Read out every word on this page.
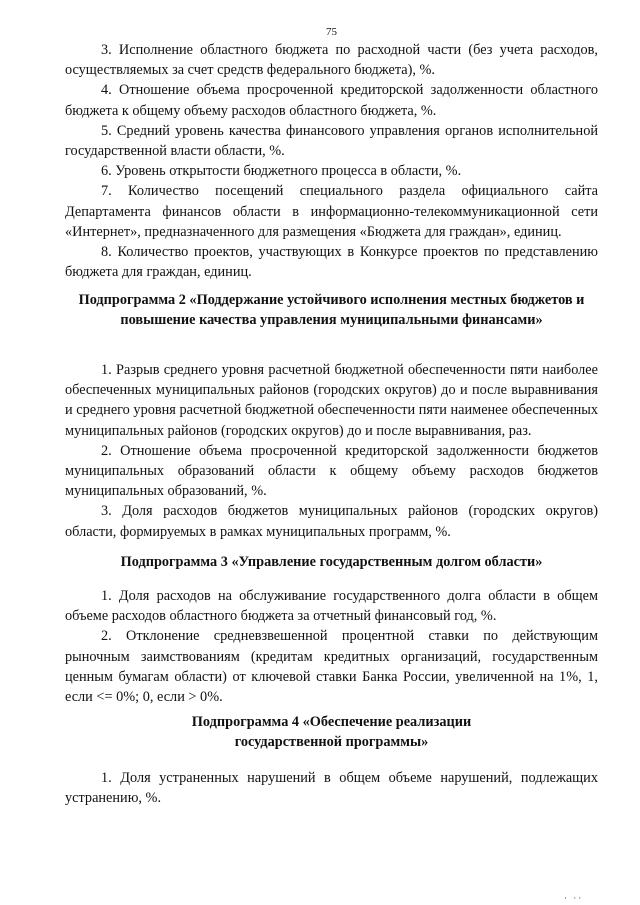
75

3. Исполнение областного бюджета по расходной части (без учета расходов, осуществляемых за счет средств федерального бюджета), %.

4. Отношение объема просроченной кредиторской задолженности областного бюджета к общему объему расходов областного бюджета, %.

5. Средний уровень качества финансового управления органов исполнительной государственной власти области, %.

6. Уровень открытости бюджетного процесса в области, %.

7. Количество посещений специального раздела официального сайта Департамента финансов области в информационно-телекоммуникационной сети «Интернет», предназначенного для размещения «Бюджета для граждан», единиц.

8. Количество проектов, участвующих в Конкурсе проектов по представлению бюджета для граждан, единиц.

Подпрограмма 2 «Поддержание устойчивого исполнения местных бюджетов и повышение качества управления муниципальными финансами»

1. Разрыв среднего уровня расчетной бюджетной обеспеченности пяти наиболее обеспеченных муниципальных районов (городских округов) до и после выравнивания и среднего уровня расчетной бюджетной обеспеченности пяти наименее обеспеченных муниципальных районов (городских округов) до и после выравнивания, раз.

2. Отношение объема просроченной кредиторской задолженности бюджетов муниципальных образований области к общему объему расходов бюджетов муниципальных образований, %.

3. Доля расходов бюджетов муниципальных районов (городских округов) области, формируемых в рамках муниципальных программ, %.

Подпрограмма 3 «Управление государственным долгом области»

1. Доля расходов на обслуживание государственного долга области в общем объеме расходов областного бюджета за отчетный финансовый год, %.

2. Отклонение средневзвешенной процентной ставки по действующим рыночным заимствованиям (кредитам кредитных организаций, государственным ценным бумагам области) от ключевой ставки Банка России, увеличенной на 1%, 1, если <= 0%; 0, если > 0%.

Подпрограмма 4 «Обеспечение реализации государственной программы»

1. Доля устраненных нарушений в общем объеме нарушений, подлежащих устранению, %.

· ··
